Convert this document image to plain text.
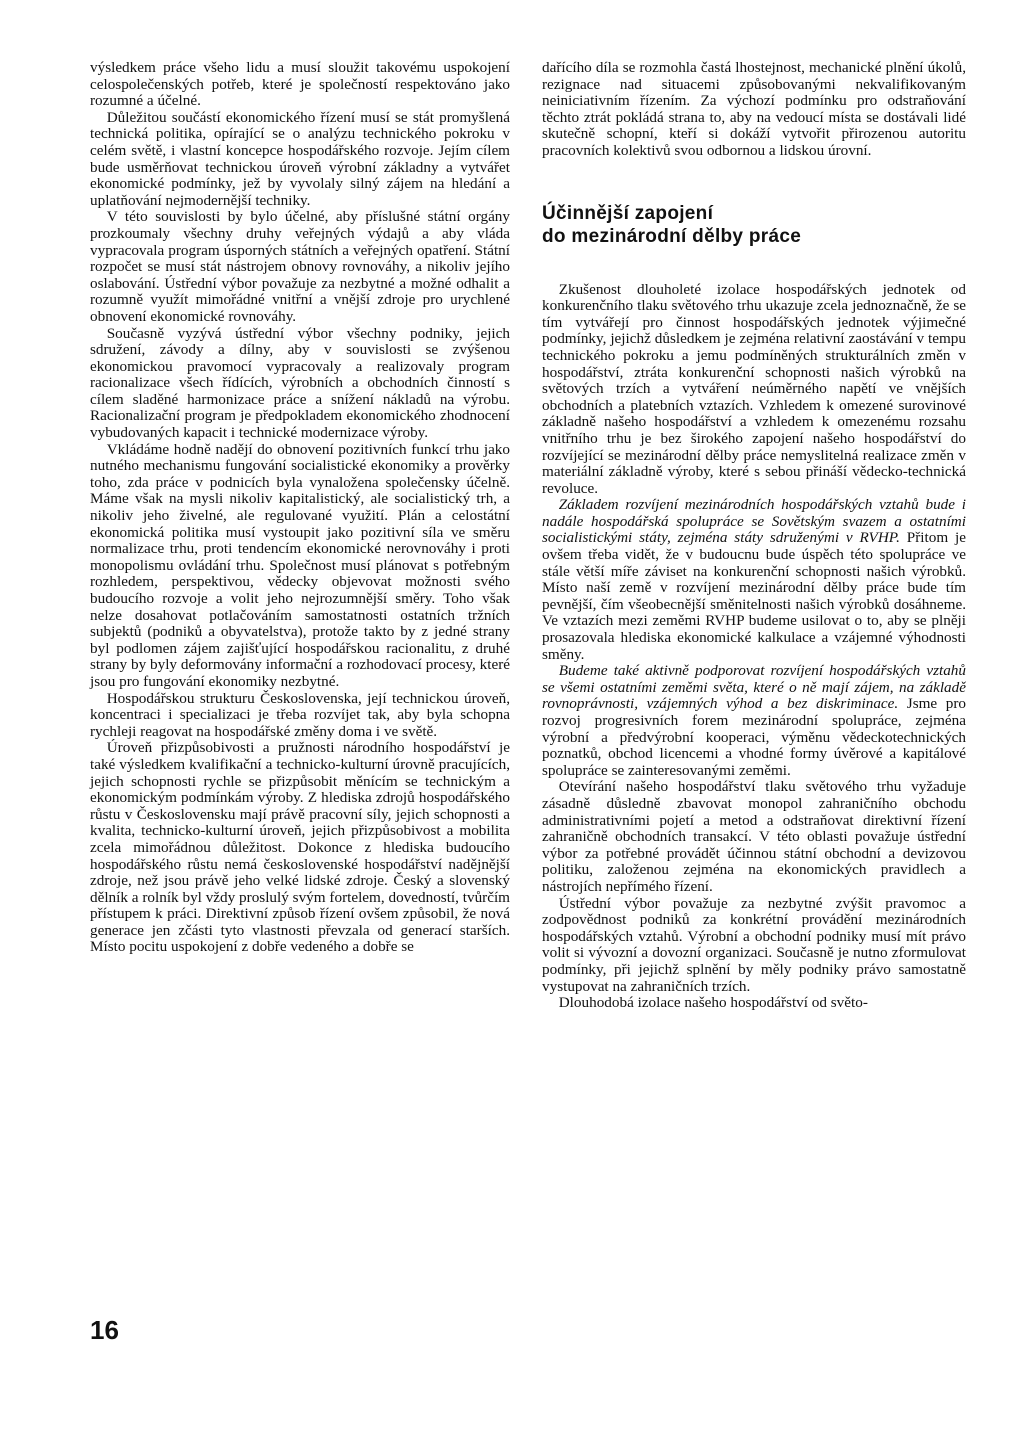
výsledkem práce všeho lidu a musí sloužit takovému uspokojení celospolečenských potřeb, které je společností respektováno jako rozumné a účelné.

Důležitou součástí ekonomického řízení musí se stát promyšlená technická politika, opírající se o analýzu technického pokroku v celém světě, i vlastní koncepce hospodářského rozvoje. Jejím cílem bude usměrňovat technickou úroveň výrobní základny a vytvářet ekonomické podmínky, jež by vyvolaly silný zájem na hledání a uplatňování nejmodernější techniky.

V této souvislosti by bylo účelné, aby příslušné státní orgány prozkoumaly všechny druhy veřejných výdajů a aby vláda vypracovala program úsporných státních a veřejných opatření. Státní rozpočet se musí stát nástrojem obnovy rovnováhy, a nikoliv jejího oslabování. Ústřední výbor považuje za nezbytné a možné odhalit a rozumně využít mimořádné vnitřní a vnější zdroje pro urychlené obnovení ekonomické rovnováhy.

Současně vyzývá ústřední výbor všechny podniky, jejich sdružení, závody a dílny, aby v souvislosti se zvýšenou ekonomickou pravomocí vypracovaly a realizovaly program racionalizace všech řídících, výrobních a obchodních činností s cílem sladěné harmonizace práce a snížení nákladů na výrobu. Racionalizační program je předpokladem ekonomického zhodnocení vybudovaných kapacit i technické modernizace výroby.

Vkládáme hodně nadějí do obnovení pozitivních funkcí trhu jako nutného mechanismu fungování socialistické ekonomiky a prověrky toho, zda práce v podnicích byla vynaložena společensky účelně. Máme však na mysli nikoliv kapitalistický, ale socialistický trh, a nikoliv jeho živelné, ale regulované využití. Plán a celostátní ekonomická politika musí vystoupit jako pozitivní síla ve směru normalizace trhu, proti tendencím ekonomické nerovnováhy i proti monopolismu ovládání trhu. Společnost musí plánovat s potřebným rozhledem, perspektivou, vědecky objevovat možnosti svého budoucího rozvoje a volit jeho nejrozumnější směry. Toho však nelze dosahovat potlačováním samostatnosti ostatních tržních subjektů (podniků a obyvatelstva), protože takto by z jedné strany byl podlomen zájem zajišťující hospodářskou racionalitu, z druhé strany by byly deformovány informační a rozhodovací procesy, které jsou pro fungování ekonomiky nezbytné.

Hospodářskou strukturu Československa, její technickou úroveň, koncentraci i specializaci je třeba rozvíjet tak, aby byla schopna rychleji reagovat na hospodářské změny doma i ve světě.

Úroveň přizpůsobivosti a pružnosti národního hospodářství je také výsledkem kvalifikační a technicko-kulturní úrovně pracujících, jejich schopnosti rychle se přizpůsobit měnícím se technickým a ekonomickým podmínkám výroby. Z hlediska zdrojů hospodářského růstu v Československu mají právě pracovní síly, jejich schopnosti a kvalita, technicko-kulturní úroveň, jejich přizpůsobivost a mobilita zcela mimořádnou důležitost. Dokonce z hlediska budoucího hospodářského růstu nemá československé hospodářství nadějnější zdroje, než jsou právě jeho velké lidské zdroje. Český a slovenský dělník a rolník byl vždy proslulý svým fortelem, dovedností, tvůrčím přístupem k práci. Direktivní způsob řízení ovšem způsobil, že nová generace jen zčásti tyto vlastnosti převzala od generací starších. Místo pocitu uspokojení z dobře vedeného a dobře se

dařícího díla se rozmohla častá lhostejnost, mechanické plnění úkolů, rezignace nad situacemi způsobovanými nekvalifikovaným neiniciativním řízením. Za výchozí podmínku pro odstraňování těchto ztrát pokládá strana to, aby na vedoucí místa se dostávali lidé skutečně schopní, kteří si dokáží vytvořit přirozenou autoritu pracovních kolektivů svou odbornou a lidskou úrovní.

Účinnější zapojení
do mezinárodní dělby práce

Zkušenost dlouholeté izolace hospodářských jednotek od konkurenčního tlaku světového trhu ukazuje zcela jednoznačně, že se tím vytvářejí pro činnost hospodářských jednotek výjimečné podmínky, jejichž důsledkem je zejména relativní zaostávání v tempu technického pokroku a jemu podmíněných strukturálních změn v hospodářství, ztráta konkurenční schopnosti našich výrobků na světových trzích a vytváření neúměrného napětí ve vnějších obchodních a platebních vztazích. Vzhledem k omezené surovinové základně našeho hospodářství a vzhledem k omezenému rozsahu vnitřního trhu je bez širokého zapojení našeho hospodářství do rozvíjející se mezinárodní dělby práce nemyslitelná realizace změn v materiální základně výroby, které s sebou přináší vědecko-technická revoluce.

Základem rozvíjení mezinárodních hospodářských vztahů bude i nadále hospodářská spolupráce se Sovětským svazem a ostatními socialistickými státy, zejména státy sdruženými v RVHP. Přitom je ovšem třeba vidět, že v budoucnu bude úspěch této spolupráce ve stále větší míře záviset na konkurenční schopnosti našich výrobků. Místo naší země v rozvíjení mezinárodní dělby práce bude tím pevnější, čím všeobecnější směnitelnosti našich výrobků dosáhneme. Ve vztazích mezi zeměmi RVHP budeme usilovat o to, aby se plněji prosazovala hlediska ekonomické kalkulace a vzájemné výhodnosti směny.

Budeme také aktivně podporovat rozvíjení hospodářských vztahů se všemi ostatními zeměmi světa, které o ně mají zájem, na základě rovnoprávnosti, vzájemných výhod a bez diskriminace. Jsme pro rozvoj progresivních forem mezinárodní spolupráce, zejména výrobní a předvýrobní kooperaci, výměnu vědeckotechnických poznatků, obchod licencemi a vhodné formy úvěrové a kapitálové spolupráce se zainteresovanými zeměmi.

Otevírání našeho hospodářství tlaku světového trhu vyžaduje zásadně důsledně zbavovat monopol zahraničního obchodu administrativními pojetí a metod a odstraňovat direktivní řízení zahraničně obchodních transakcí. V této oblasti považuje ústřední výbor za potřebné provádět účinnou státní obchodní a devizovou politiku, založenou zejména na ekonomických pravidlech a nástrojích nepřímého řízení.

Ústřední výbor považuje za nezbytné zvýšit pravomoc a zodpovědnost podniků za konkrétní provádění mezinárodních hospodářských vztahů. Výrobní a obchodní podniky musí mít právo volit si vývozní a dovozní organizaci. Současně je nutno zformulovat podmínky, při jejichž splnění by měly podniky právo samostatně vystupovat na zahraničních trzích.

Dlouhodobá izolace našeho hospodářství od světo-

16
